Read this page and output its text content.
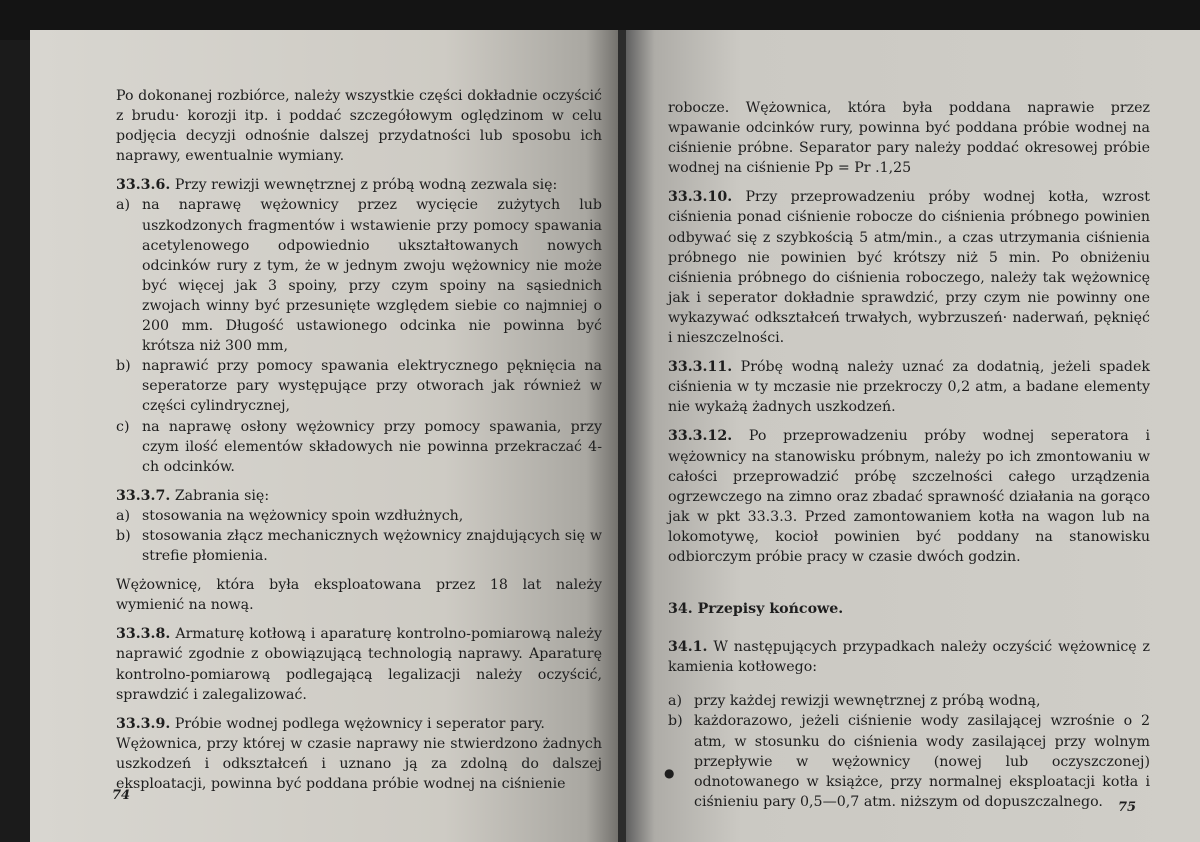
Po dokonanej rozbiórce, należy wszystkie części dokładnie oczyścić z brudu· korozji itp. i poddać szczegółowym oględzinom w celu podjęcia decyzji odnośnie dalszej przydatności lub sposobu ich naprawy, ewentualnie wymiany.

33.3.6. Przy rewizji wewnętrznej z próbą wodną zezwala się:

a) na naprawę wężownicy przez wycięcie zużytych lub uszkodzonych fragmentów i wstawienie przy pomocy spawania acetylenowego odpowiednio ukształtowanych nowych odcinków rury z tym, że w jednym zwoju wężownicy nie może być więcej jak 3 spoiny, przy czym spoiny na sąsiednich zwojach winny być przesunięte względem siebie co najmniej o 200 mm. Długość ustawionego odcinka nie powinna być krótsza niż 300 mm,
b) naprawić przy pomocy spawania elektrycznego pęknięcia na seperatorze pary występujące przy otworach jak również w części cylindrycznej,
c) na naprawę osłony wężownicy przy pomocy spawania, przy czym ilość elementów składowych nie powinna przekraczać 4-ch odcinków.

33.3.7. Zabrania się:

a) stosowania na wężownicy spoin wzdłużnych,
b) stosowania złącz mechanicznych wężownicy znajdujących się w strefie płomienia.

Wężownicę, która była eksploatowana przez 18 lat należy wymienić na nową.

33.3.8. Armaturę kotłową i aparaturę kontrolno-pomiarową należy naprawić zgodnie z obowiązującą technologią naprawy. Aparaturę kontrolno-pomiarową podlegającą legalizacji należy oczyścić, sprawdzić i zalegalizować.

33.3.9. Próbie wodnej podlega wężownicy i seperator pary.

Wężownica, przy której w czasie naprawy nie stwierdzono żadnych uszkodzeń i odkształceń i uznano ją za zdolną do dalszej eksploatacji, powinna być poddana próbie wodnej na ciśnienie

74

robocze. Wężownica, która była poddana naprawie przez wpawanie odcinków rury, powinna być poddana próbie wodnej na ciśnienie próbne. Separator pary należy poddać okresowej próbie wodnej na ciśnienie Pp = Pr .1,25

33.3.10. Przy przeprowadzeniu próby wodnej kotła, wzrost ciśnienia ponad ciśnienie robocze do ciśnienia próbnego powinien odbywać się z szybkością 5 atm/min., a czas utrzymania ciśnienia próbnego nie powinien być krótszy niż 5 min. Po obniżeniu ciśnienia próbnego do ciśnienia roboczego, należy tak wężownicę jak i seperator dokładnie sprawdzić, przy czym nie powinny one wykazywać odkształceń trwałych, wybrzuszeń· naderwań, pęknięć i nieszczelności.

33.3.11. Próbę wodną należy uznać za dodatnią, jeżeli spadek ciśnienia w ty mczasie nie przekroczy 0,2 atm, a badane elementy nie wykażą żadnych uszkodzeń.

33.3.12. Po przeprowadzeniu próby wodnej seperatora i wężownicy na stanowisku próbnym, należy po ich zmontowaniu w całości przeprowadzić próbę szczelności całego urządzenia ogrzewczego na zimno oraz zbadać sprawność działania na gorąco jak w pkt 33.3.3. Przed zamontowaniem kotła na wagon lub na lokomotywę, kocioł powinien być poddany na stanowisku odbiorczym próbie pracy w czasie dwóch godzin.

34. Przepisy końcowe.

34.1. W następujących przypadkach należy oczyścić wężownicę z kamienia kotłowego:

a) przy każdej rewizji wewnętrznej z próbą wodną,
b) każdorazowo, jeżeli ciśnienie wody zasilającej wzrośnie o 2 atm, w stosunku do ciśnienia wody zasilającej przy wolnym przepływie w wężownicy (nowej lub oczyszczonej) odnotowanego w książce, przy normalnej eksploatacji kotła i ciśnieniu pary 0,5—0,7 atm. niższym od dopuszczalnego.
●
75
